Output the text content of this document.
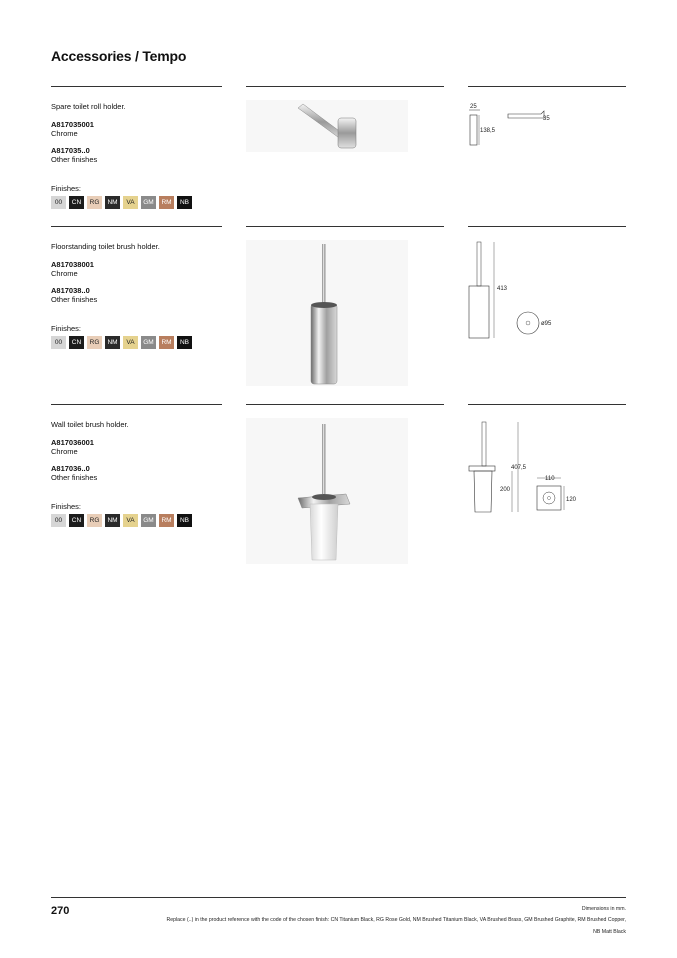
Accessories / Tempo
Spare toilet roll holder.
A817035001
Chrome
A817035..0
Other finishes
Finishes:
00	CN	RG	NM	VA	GM	RM	NB
25
138,5
35
Floorstanding toilet brush holder.
A817038001
Chrome
A817038..0
Other finishes
Finishes:
00	CN	RG	NM	VA	GM	RM	NB
413
ø95
Wall toilet brush holder.
A817036001
Chrome
A817036..0
Other finishes
Finishes:
00	CN	RG	NM	VA	GM	RM	NB
407,5
200
110
120
270	Dimensions in mm.
Replace (..) in the product reference with the code of the chosen finish: CN Titanium Black, RG Rose Gold, NM Brushed Titanium Black, VA Brushed Brass, GM Brushed Graphite, RM Brushed Copper,
NB Matt Black
